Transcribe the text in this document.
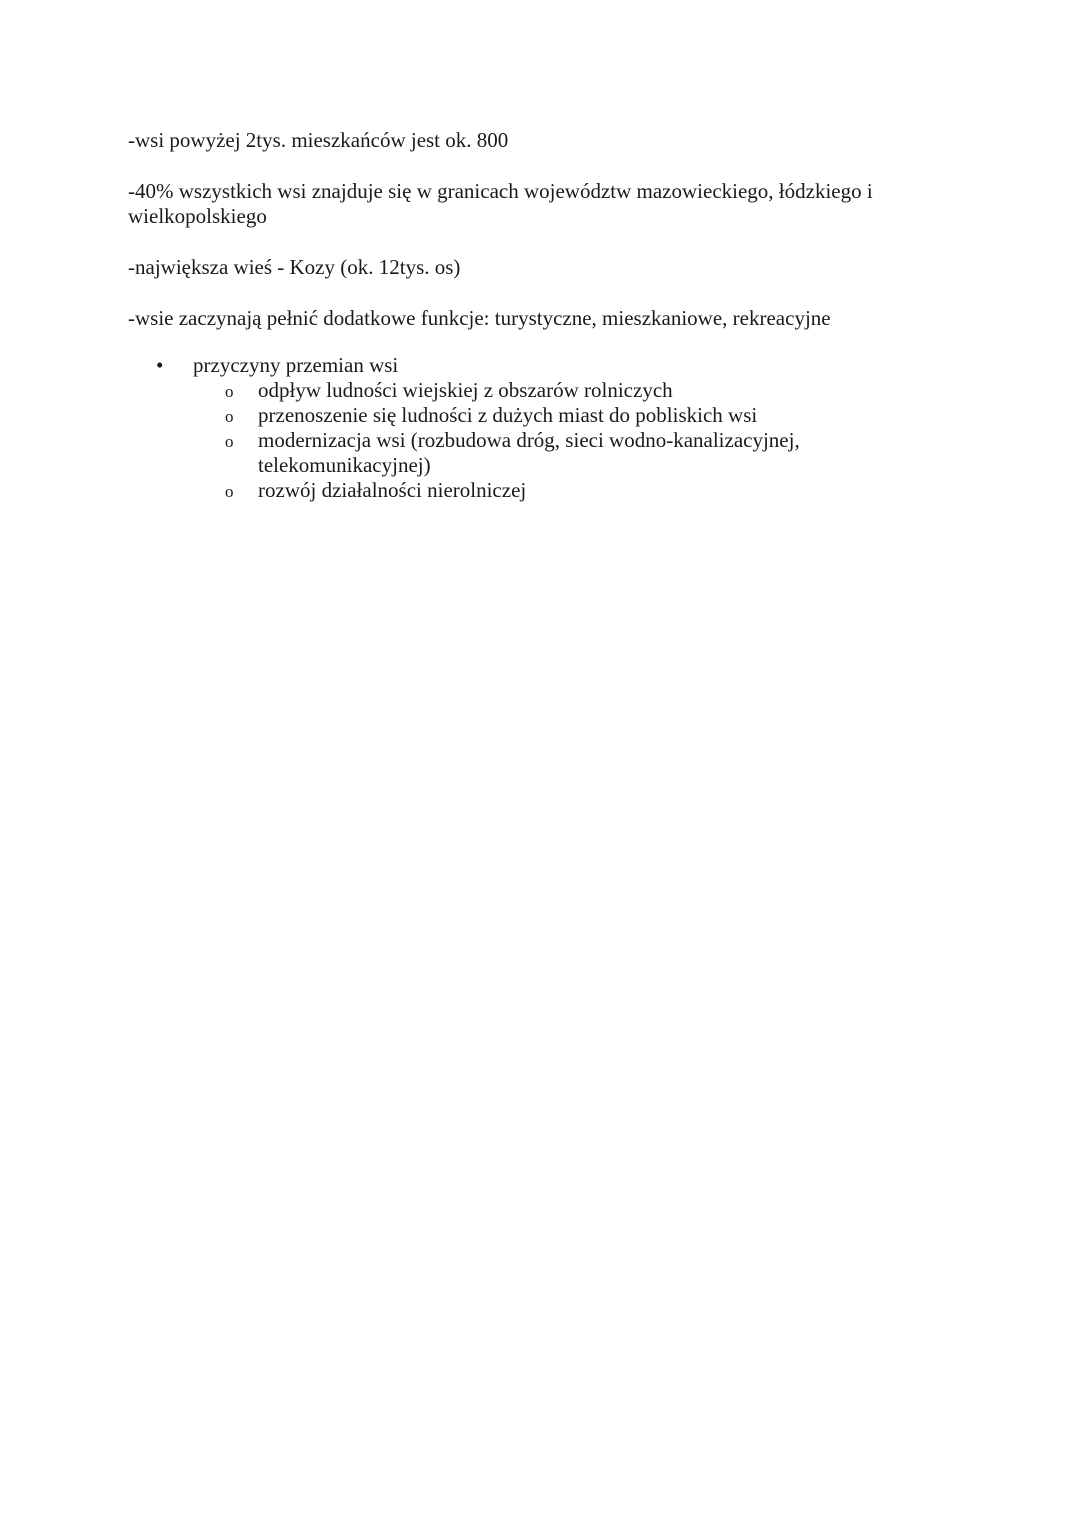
-wsi powyżej 2tys. mieszkańców jest ok. 800

-40% wszystkich wsi znajduje się w granicach województw mazowieckiego, łódzkiego i wielkopolskiego

-największa wieś - Kozy (ok. 12tys. os)

-wsie zaczynają pełnić dodatkowe funkcje: turystyczne, mieszkaniowe, rekreacyjne

• przyczyny przemian wsi
o odpływ ludności wiejskiej z obszarów rolniczych
o przenoszenie się ludności z dużych miast do pobliskich wsi
o modernizacja wsi (rozbudowa dróg, sieci wodno-kanalizacyjnej, telekomunikacyjnej)
o rozwój działalności nierolniczej
